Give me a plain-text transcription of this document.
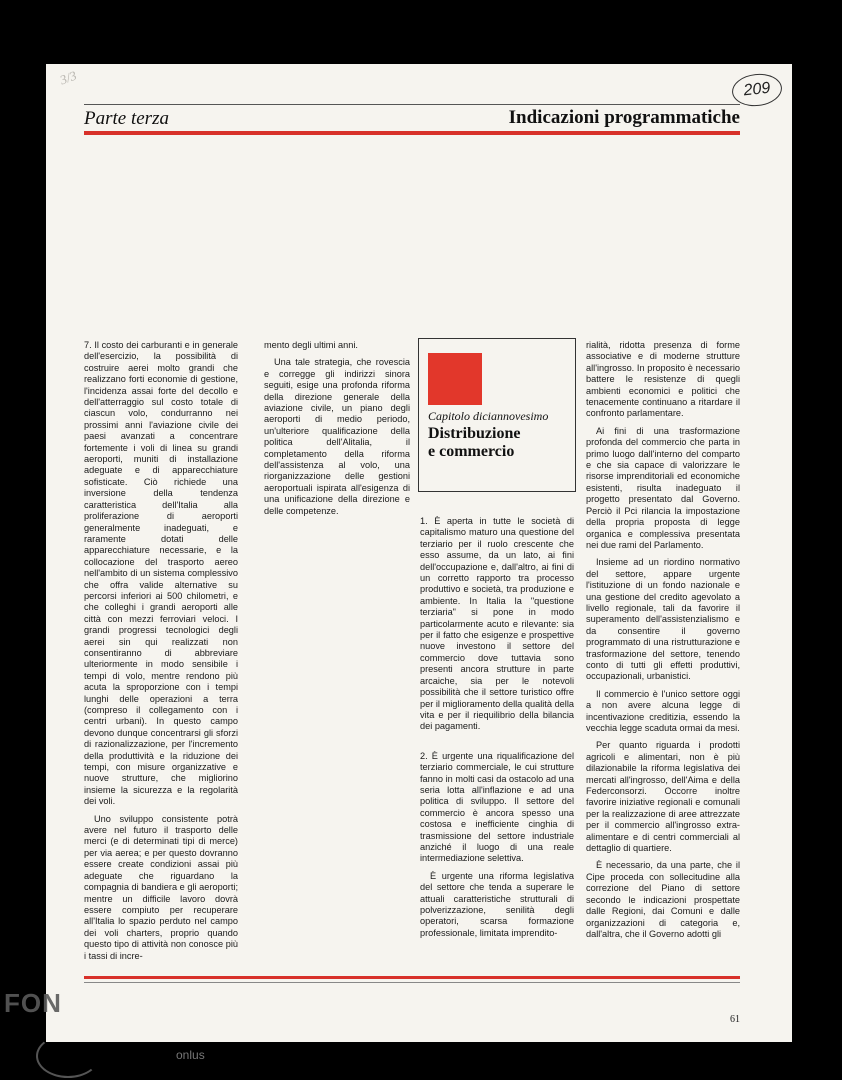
3/3
209
Parte terza	Indicazioni programmatiche

7. Il costo dei carburanti e in generale dell'esercizio, la possibilità di costruire aerei molto grandi che realizzano forti economie di gestione, l'incidenza assai forte del decollo e dell'atterraggio sul costo totale di ciascun volo, condurranno nei prossimi anni l'aviazione civile dei paesi avanzati a concentrare fortemente i voli di linea su grandi aeroporti, muniti di installazione adeguate e di apparecchiature sofisticate. Ciò richiede una inversione della tendenza caratteristica dell'Italia alla proliferazione di aeroporti generalmente inadeguati, e raramente dotati delle apparecchiature necessarie, e la collocazione del trasporto aereo nell'ambito di un sistema complessivo che offra valide alternative su percorsi inferiori ai 500 chilometri, e che colleghi i grandi aeroporti alle città con mezzi ferroviari veloci. I grandi progressi tecnologici degli aerei sin qui realizzati non consentiranno di abbreviare ulteriormente in modo sensibile i tempi di volo, mentre rendono più acuta la sproporzione con i tempi lunghi delle operazioni a terra (compreso il collegamento con i centri urbani). In questo campo devono dunque concentrarsi gli sforzi di razionalizzazione, per l'incremento della produttività e la riduzione dei tempi, con misure organizzative e nuove strutture, che migliorino insieme la sicurezza e la regolarità dei voli.

Uno sviluppo consistente potrà avere nel futuro il trasporto delle merci (e di determinati tipi di merce) per via aerea; e per questo dovranno essere create condizioni assai più adeguate che riguardano la compagnia di bandiera e gli aeroporti; mentre un difficile lavoro dovrà essere compiuto per recuperare all'Italia lo spazio perduto nel campo dei voli charters, proprio quando questo tipo di attività non conosce più i tassi di incre-

mento degli ultimi anni.

Una tale strategia, che rovescia e corregge gli indirizzi sinora seguiti, esige una profonda riforma della direzione generale della aviazione civile, un piano degli aeroporti di medio periodo, un'ulteriore qualificazione della politica dell'Alitalia, il completamento della riforma dell'assistenza al volo, una riorganizzazione delle gestioni aeroportuali ispirata all'esigenza di una unificazione della direzione e delle competenze.

Capitolo diciannovesimo
Distribuzione
e commercio

1. È aperta in tutte le società di capitalismo maturo una questione del terziario per il ruolo crescente che esso assume, da un lato, ai fini dell'occupazione e, dall'altro, ai fini di un corretto rapporto tra processo produttivo e società, tra produzione e ambiente. In Italia la "questione terziaria" si pone in modo particolarmente acuto e rilevante: sia per il fatto che esigenze e prospettive nuove investono il settore del commercio dove tuttavia sono presenti ancora strutture in parte arcaiche, sia per le notevoli possibilità che il settore turistico offre per il miglioramento della qualità della vita e per il riequilibrio della bilancia dei pagamenti.

2. È urgente una riqualificazione del terziario commerciale, le cui strutture fanno in molti casi da ostacolo ad una seria lotta all'inflazione e ad una politica di sviluppo. Il settore del commercio è ancora spesso una costosa e inefficiente cinghia di trasmissione del settore industriale anziché il luogo di una reale intermediazione selettiva.

È urgente una riforma legislativa del settore che tenda a superare le attuali caratteristiche strutturali di polverizzazione, senilità degli operatori, scarsa formazione professionale, limitata imprendito-

rialità, ridotta presenza di forme associative e di moderne strutture all'ingrosso. In proposito è necessario battere le resistenze di quegli ambienti economici e politici che tenacemente continuano a ritardare il confronto parlamentare.

Ai fini di una trasformazione profonda del commercio che parta in primo luogo dall'interno del comparto e che sia capace di valorizzare le risorse imprenditoriali ed economiche esistenti, risulta inadeguato il progetto presentato dal Governo. Perciò il Pci rilancia la impostazione della propria proposta di legge organica e complessiva presentata nei due rami del Parlamento.

Insieme ad un riordino normativo del settore, appare urgente l'istituzione di un fondo nazionale e una gestione del credito agevolato a livello regionale, tali da favorire il superamento dell'assistenzialismo e da consentire il governo programmato di una ristrutturazione e trasformazione del settore, tenendo conto di tutti gli effetti produttivi, occupazionali, urbanistici.

Il commercio è l'unico settore oggi a non avere alcuna legge di incentivazione creditizia, essendo la vecchia legge scaduta ormai da mesi.

Per quanto riguarda i prodotti agricoli e alimentari, non è più dilazionabile la riforma legislativa dei mercati all'ingrosso, dell'Aima e della Federconsorzi. Occorre inoltre favorire iniziative regionali e comunali per la realizzazione di aree attrezzate per il commercio all'ingrosso extra-alimentare e di centri commerciali al dettaglio di quartiere.

È necessario, da una parte, che il Cipe proceda con sollecitudine alla correzione del Piano di settore secondo le indicazioni prospettate dalle Regioni, dai Comuni e dalle organizzazioni di categoria e, dall'altra, che il Governo adotti gli

61
FON
onlus
